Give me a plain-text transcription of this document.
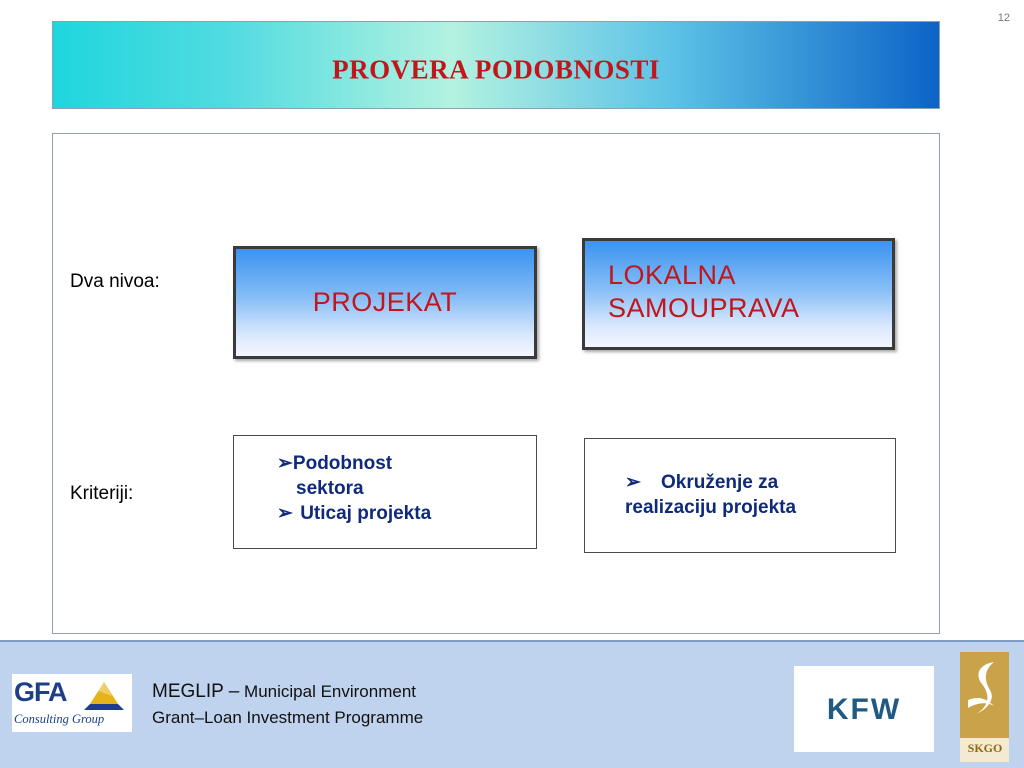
12
PROVERA PODOBNOSTI
Dva nivoa:
PROJEKAT
LOKALNA
SAMOUPRAVA
Kriteriji:
➢Podobnost
sektora
➢ Uticaj projekta
➢ Okruženje za
realizaciju projekta
GFA
Consulting Group
MEGLIP – Municipal Environment
Grant–Loan Investment Programme	KFW
SKGO
